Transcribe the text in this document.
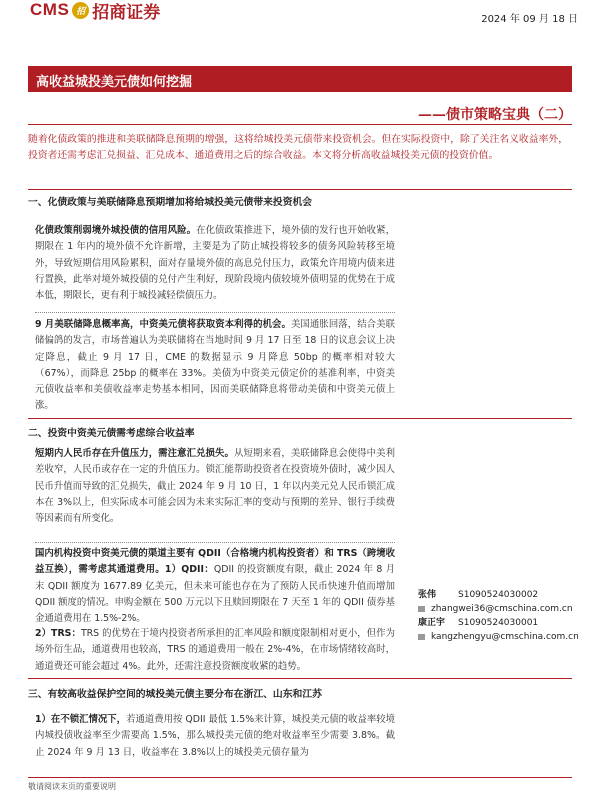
CMS 招 招商证券	2024 年 09 月 18 日
高收益城投美元债如何挖掘
——债市策略宝典（二）
随着化债政策的推进和美联储降息预期的增强，这将给城投美元债带来投资机会。但在实际投资中，除了关注名义收益率外，投资者还需考虑汇兑损益、汇兑成本、通道费用之后的综合收益。本文将分析高收益城投美元债的投资价值。
一、化债政策与美联储降息预期增加将给城投美元债带来投资机会
化债政策削弱境外城投债的信用风险。在化债政策推进下，境外债的发行也开始收紧，期限在 1 年内的境外债不允许新增，主要是为了防止城投将较多的债务风险转移至境外，导致短期信用风险累积，面对存量境外债的高息兑付压力，政策允许用境内债来进行置换，此举对境外城投债的兑付产生利好，现阶段境内债较境外债明显的优势在于成本低，期限长，更有利于城投减轻偿债压力。
9 月美联储降息概率高，中资美元债将获取资本利得的机会。美国通胀回落，结合美联储偏鸽的发言，市场普遍认为美联储将在当地时间 9 月 17 日至 18 日的议息会议上决定降息，截止 9 月 17 日，CME 的数据显示 9 月降息 50bp 的概率相对较大（67%），而降息 25bp 的概率在 33%。美债为中资美元债定价的基准利率，中资美元债收益率和美债收益率走势基本相同，因而美联储降息将带动美债和中资美元债上涨。
二、投资中资美元债需考虑综合收益率
短期内人民币存在升值压力，需注意汇兑损失。从短期来看，美联储降息会使得中美利差收窄，人民币或存在一定的升值压力。锁汇能帮助投资者在投资境外债时，减少因人民币升值而导致的汇兑损失，截止 2024 年 9 月 10 日，1 年以内美元兑人民币锁汇成本在 3%以上，但实际成本可能会因为未来实际汇率的变动与预期的差异、银行手续费等因素而有所变化。
国内机构投资中资美元债的渠道主要有 QDII（合格境内机构投资者）和 TRS（跨境收益互换），需考虑其通道费用。1）QDII：QDII 的投资额度有限，截止 2024 年 8 月末 QDII 额度为 1677.89 亿美元，但未来可能也存在为了预防人民币快速升值而增加 QDII 额度的情况。申购金额在 500 万元以下且赎回期限在 7 天至 1 年的 QDII 债券基金通道费用在 1.5%-2%。
2）TRS：TRS 的优势在于境内投资者所承担的汇率风险和额度限制相对更小，但作为场外衍生品，通道费用也较高，TRS 的通道费用一般在 2%-4%，在市场情绪较高时，通道费还可能会超过 4%。此外，还需注意投资额度收紧的趋势。
三、有较高收益保护空间的城投美元债主要分布在浙江、山东和江苏
1）在不锁汇情况下，若通道费用按 QDII 最低 1.5%来计算，城投美元债的收益率较境内城投债收益率至少需要高 1.5%，那么城投美元债的绝对收益率至少需要 3.8%。截止 2024 年 9 月 13 日，收益率在 3.8%以上的城投美元债存量为
张伟	S1090524030002
zhangwei36@cmschina.com.cn
康正宇	S1090524030001
kangzhengyu@cmschina.com.cn
敬请阅读末页的重要说明
